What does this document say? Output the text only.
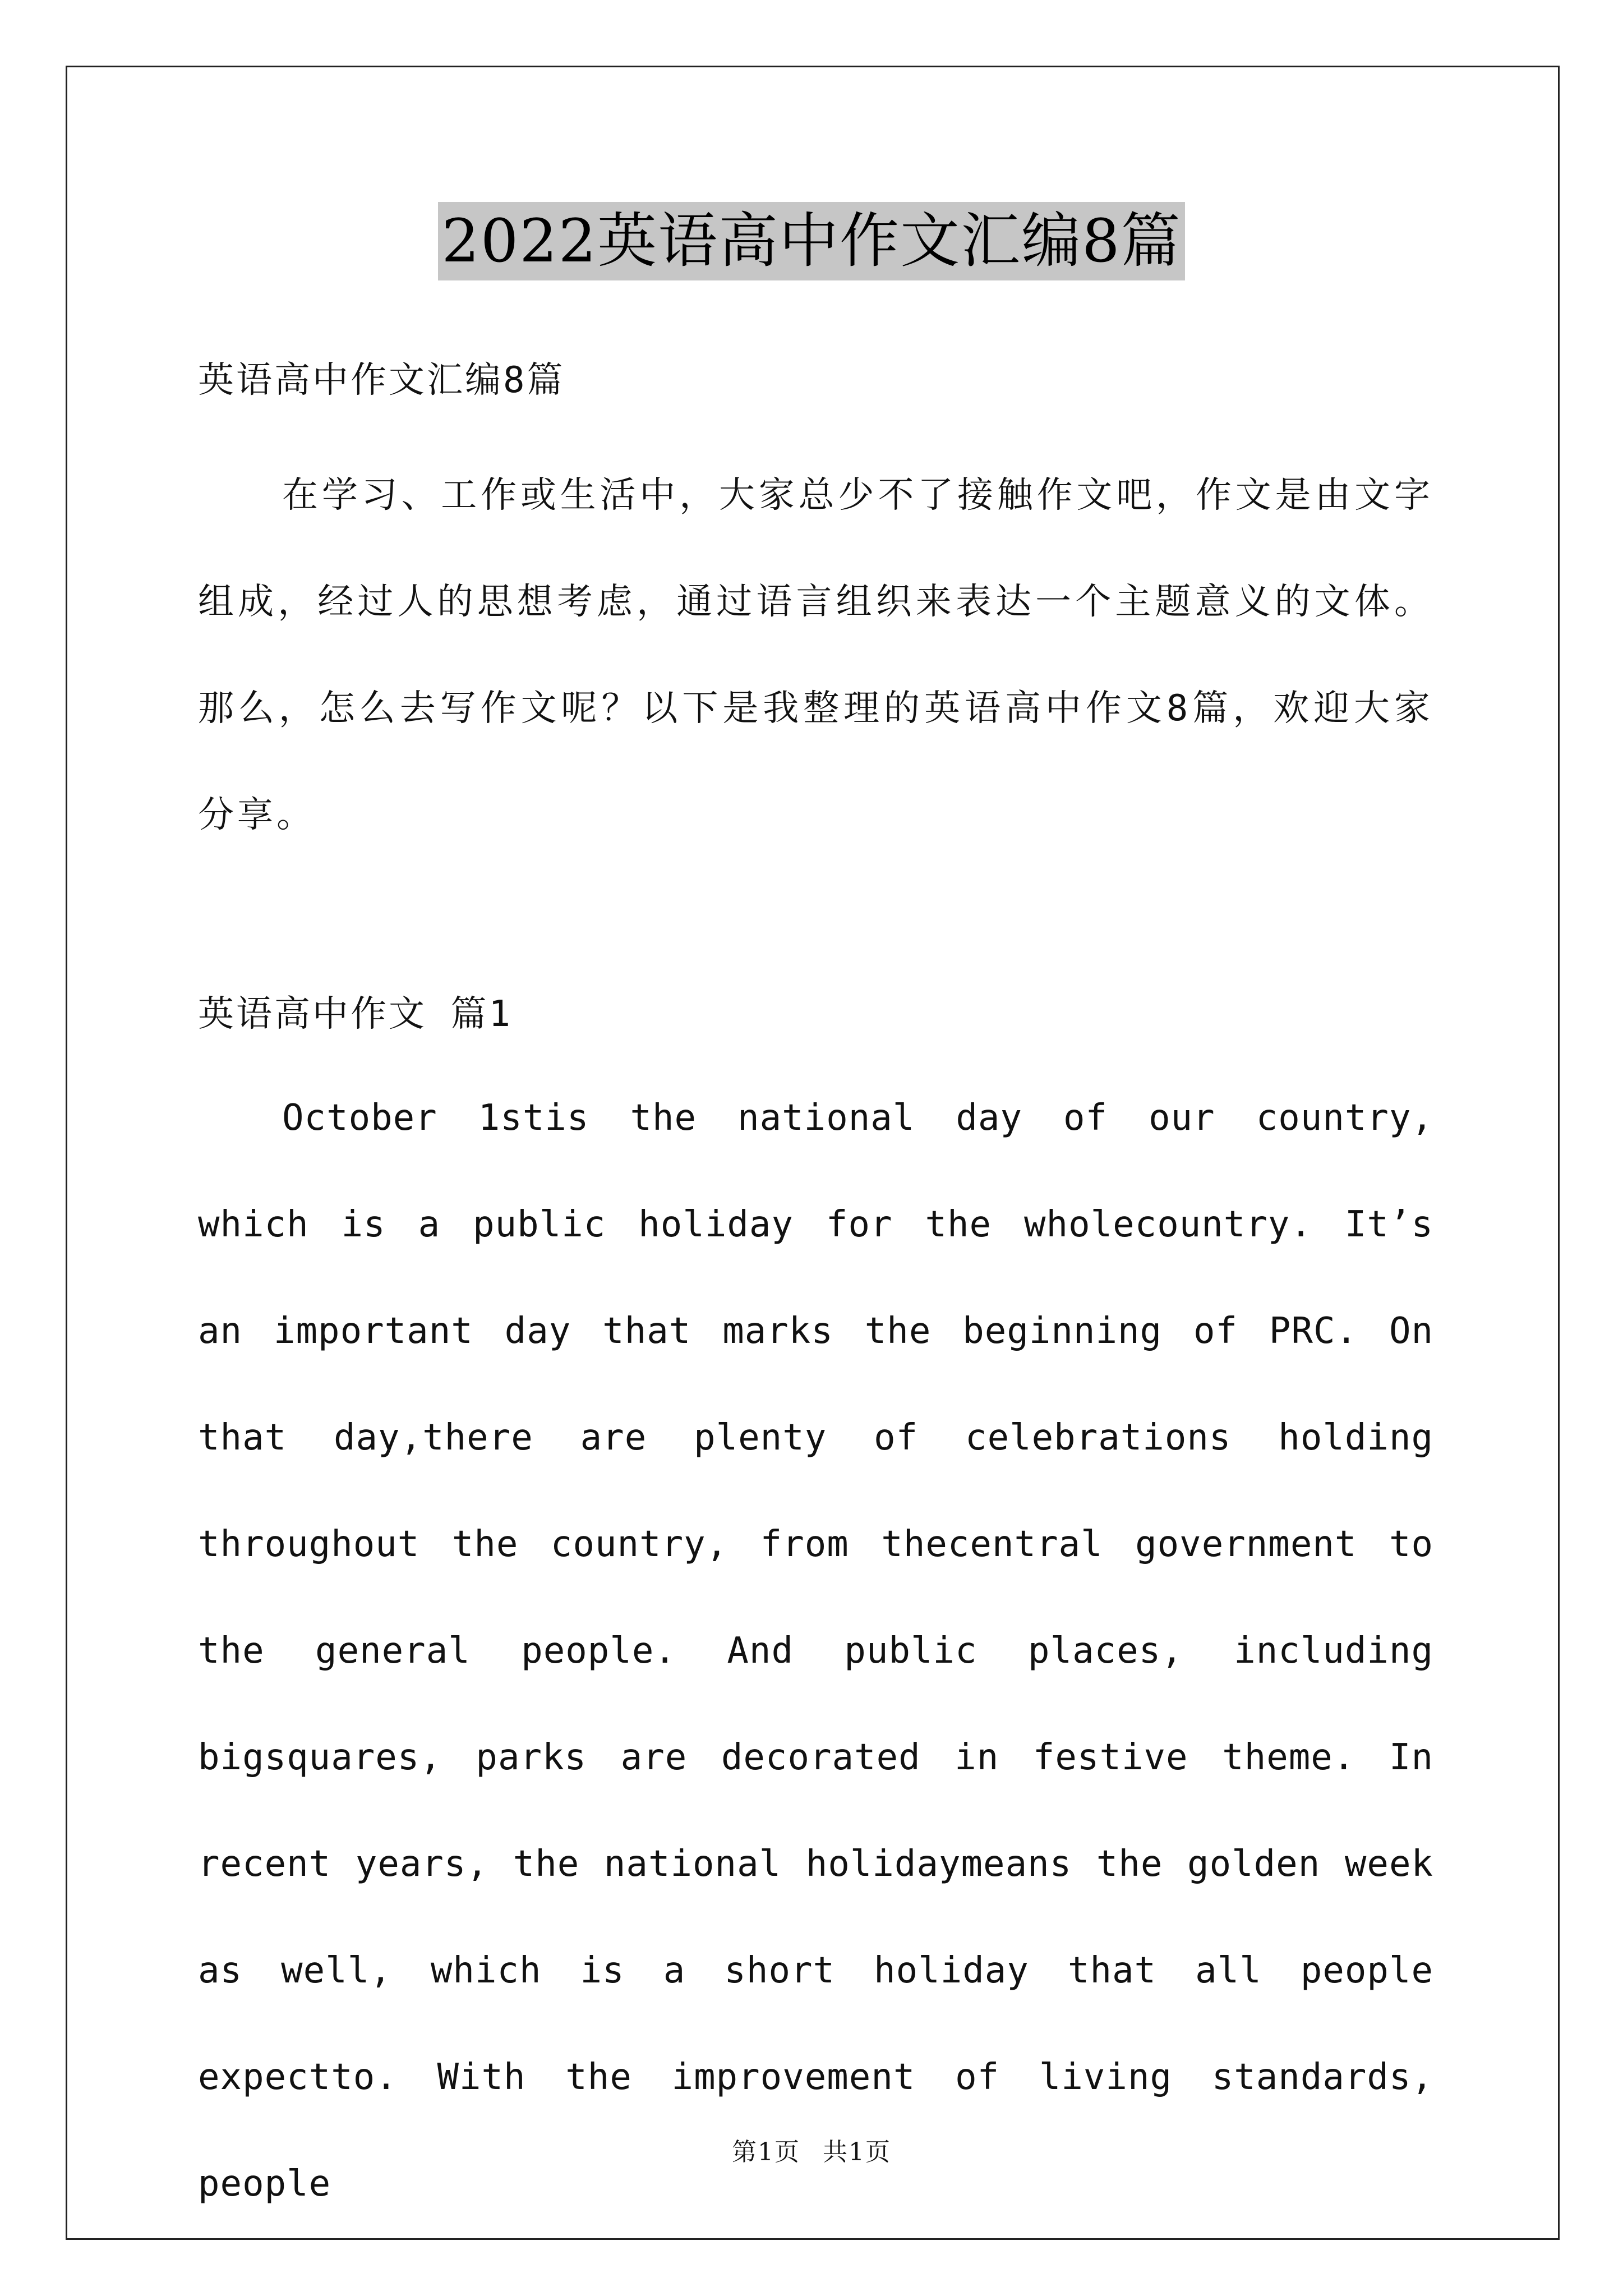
2022英语高中作文汇编8篇

英语高中作文汇编8篇

在学习、工作或生活中，大家总少不了接触作文吧，作文是由文字组成，经过人的思想考虑，通过语言组织来表达一个主题意义的文体。那么，怎么去写作文呢？以下是我整理的英语高中作文8篇，欢迎大家分享。

英语高中作文 篇1

October 1stis the national day of our country, which is a public holiday for the wholecountry. It’s an important day that marks the beginning of PRC. On that day,there are plenty of celebrations holding throughout the country, from thecentral government to the general people. And public places, including bigsquares, parks are decorated in festive theme. In recent years, the national holidaymeans the golden week as well, which is a short holiday that all people expectto. With the improvement of living standards, people

第1页 共1页
